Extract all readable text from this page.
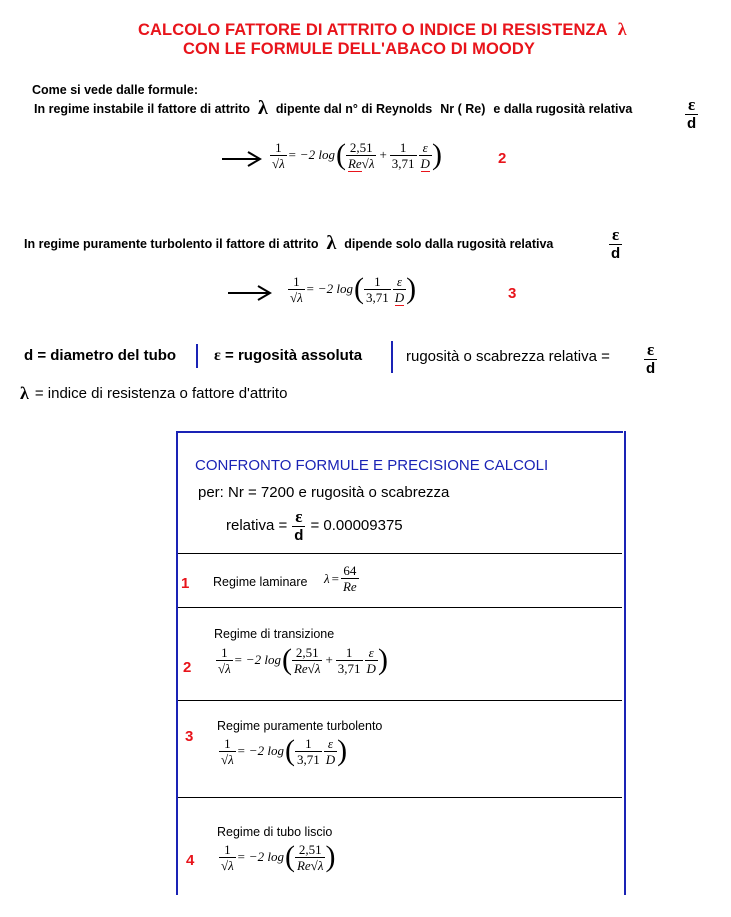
CALCOLO FATTORE DI ATTRITO O INDICE DI RESISTENZA λ
CON LE FORMULE DELL'ABACO DI MOODY
Come si vede dalle formule:
In regime instabile il fattore di attrito λ dipente dal n° di Reynolds Nr ( Re) e dalla rugosità relativa	$\frac{\varepsilon}{d}$
$\frac{1}{√\lambda} = -2$ log ( $\frac{2,51}{Re√\lambda} + \frac{1}{3,71} \frac{\varepsilon}{D}$ )	2
In regime puramente turbolento il fattore di attrito λ dipende solo dalla rugosità relativa	$\frac{\varepsilon}{d}$
$\frac{1}{√\lambda} = -2$ log ( $\frac{1}{3,71} \frac{\varepsilon}{D}$ )	3
d = diametro del tubo ε = rugosità assoluta	rugosità o scabrezza relativa = $\frac{\varepsilon}{d}$
λ = indice di resistenza o fattore d'attrito
CONFRONTO FORMULE E PRECISIONE CALCOLI
per: Nr = 7200 e rugosità o scabrezza
relativa = $\frac{\varepsilon}{d} = 0.00009375$
1 Regime laminare $\lambda = \frac{64}{Re}$
Regime di transizione
$2 \frac{1}{√\lambda} = -2$ log ( $\frac{2,51}{Re√\lambda} + \frac{1}{3,71} \frac{\varepsilon}{D}$ )
Regime puramente turbolento
$3 \frac{1}{√\lambda} = -2$ log ( $\frac{1}{3,71} \frac{\varepsilon}{D}$ )
Regime di tubo liscio
$4 \frac{1}{√\lambda} = -2$ log ( $\frac{2,51}{Re√\lambda}$ )
